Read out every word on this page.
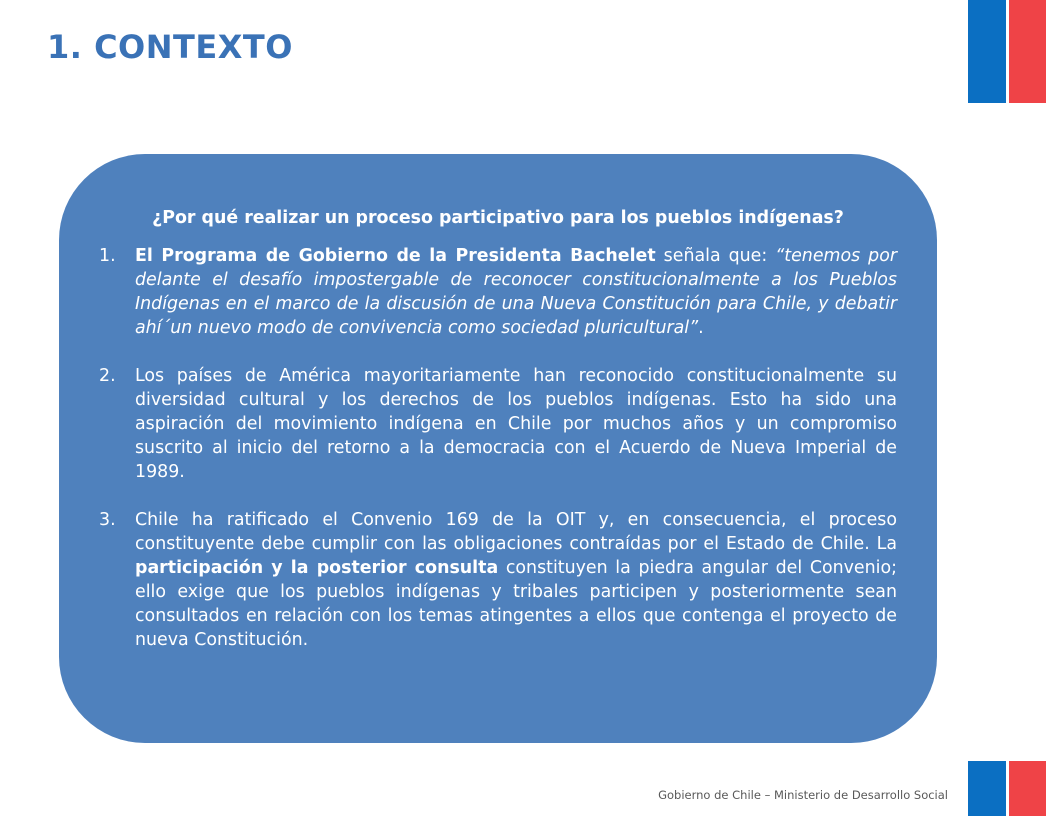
1. CONTEXTO
¿Por qué realizar un proceso participativo para los pueblos indígenas?
1. El Programa de Gobierno de la Presidenta Bachelet señala que: “tenemos por delante el desafío impostergable de reconocer constitucionalmente a los Pueblos Indígenas en el marco de la discusión de una Nueva Constitución para Chile, y debatir ahí´un nuevo modo de convivencia como sociedad pluricultural”.
2. Los países de América mayoritariamente han reconocido constitucionalmente su diversidad cultural y los derechos de los pueblos indígenas. Esto ha sido una aspiración del movimiento indígena en Chile por muchos años y un compromiso suscrito al inicio del retorno a la democracia con el Acuerdo de Nueva Imperial de 1989.
3. Chile ha ratificado el Convenio 169 de la OIT y, en consecuencia, el proceso constituyente debe cumplir con las obligaciones contraídas por el Estado de Chile. La participación y la posterior consulta constituyen la piedra angular del Convenio; ello exige que los pueblos indígenas y tribales participen y posteriormente sean consultados en relación con los temas atingentes a ellos que contenga el proyecto de nueva Constitución.
Gobierno de Chile – Ministerio de Desarrollo Social
